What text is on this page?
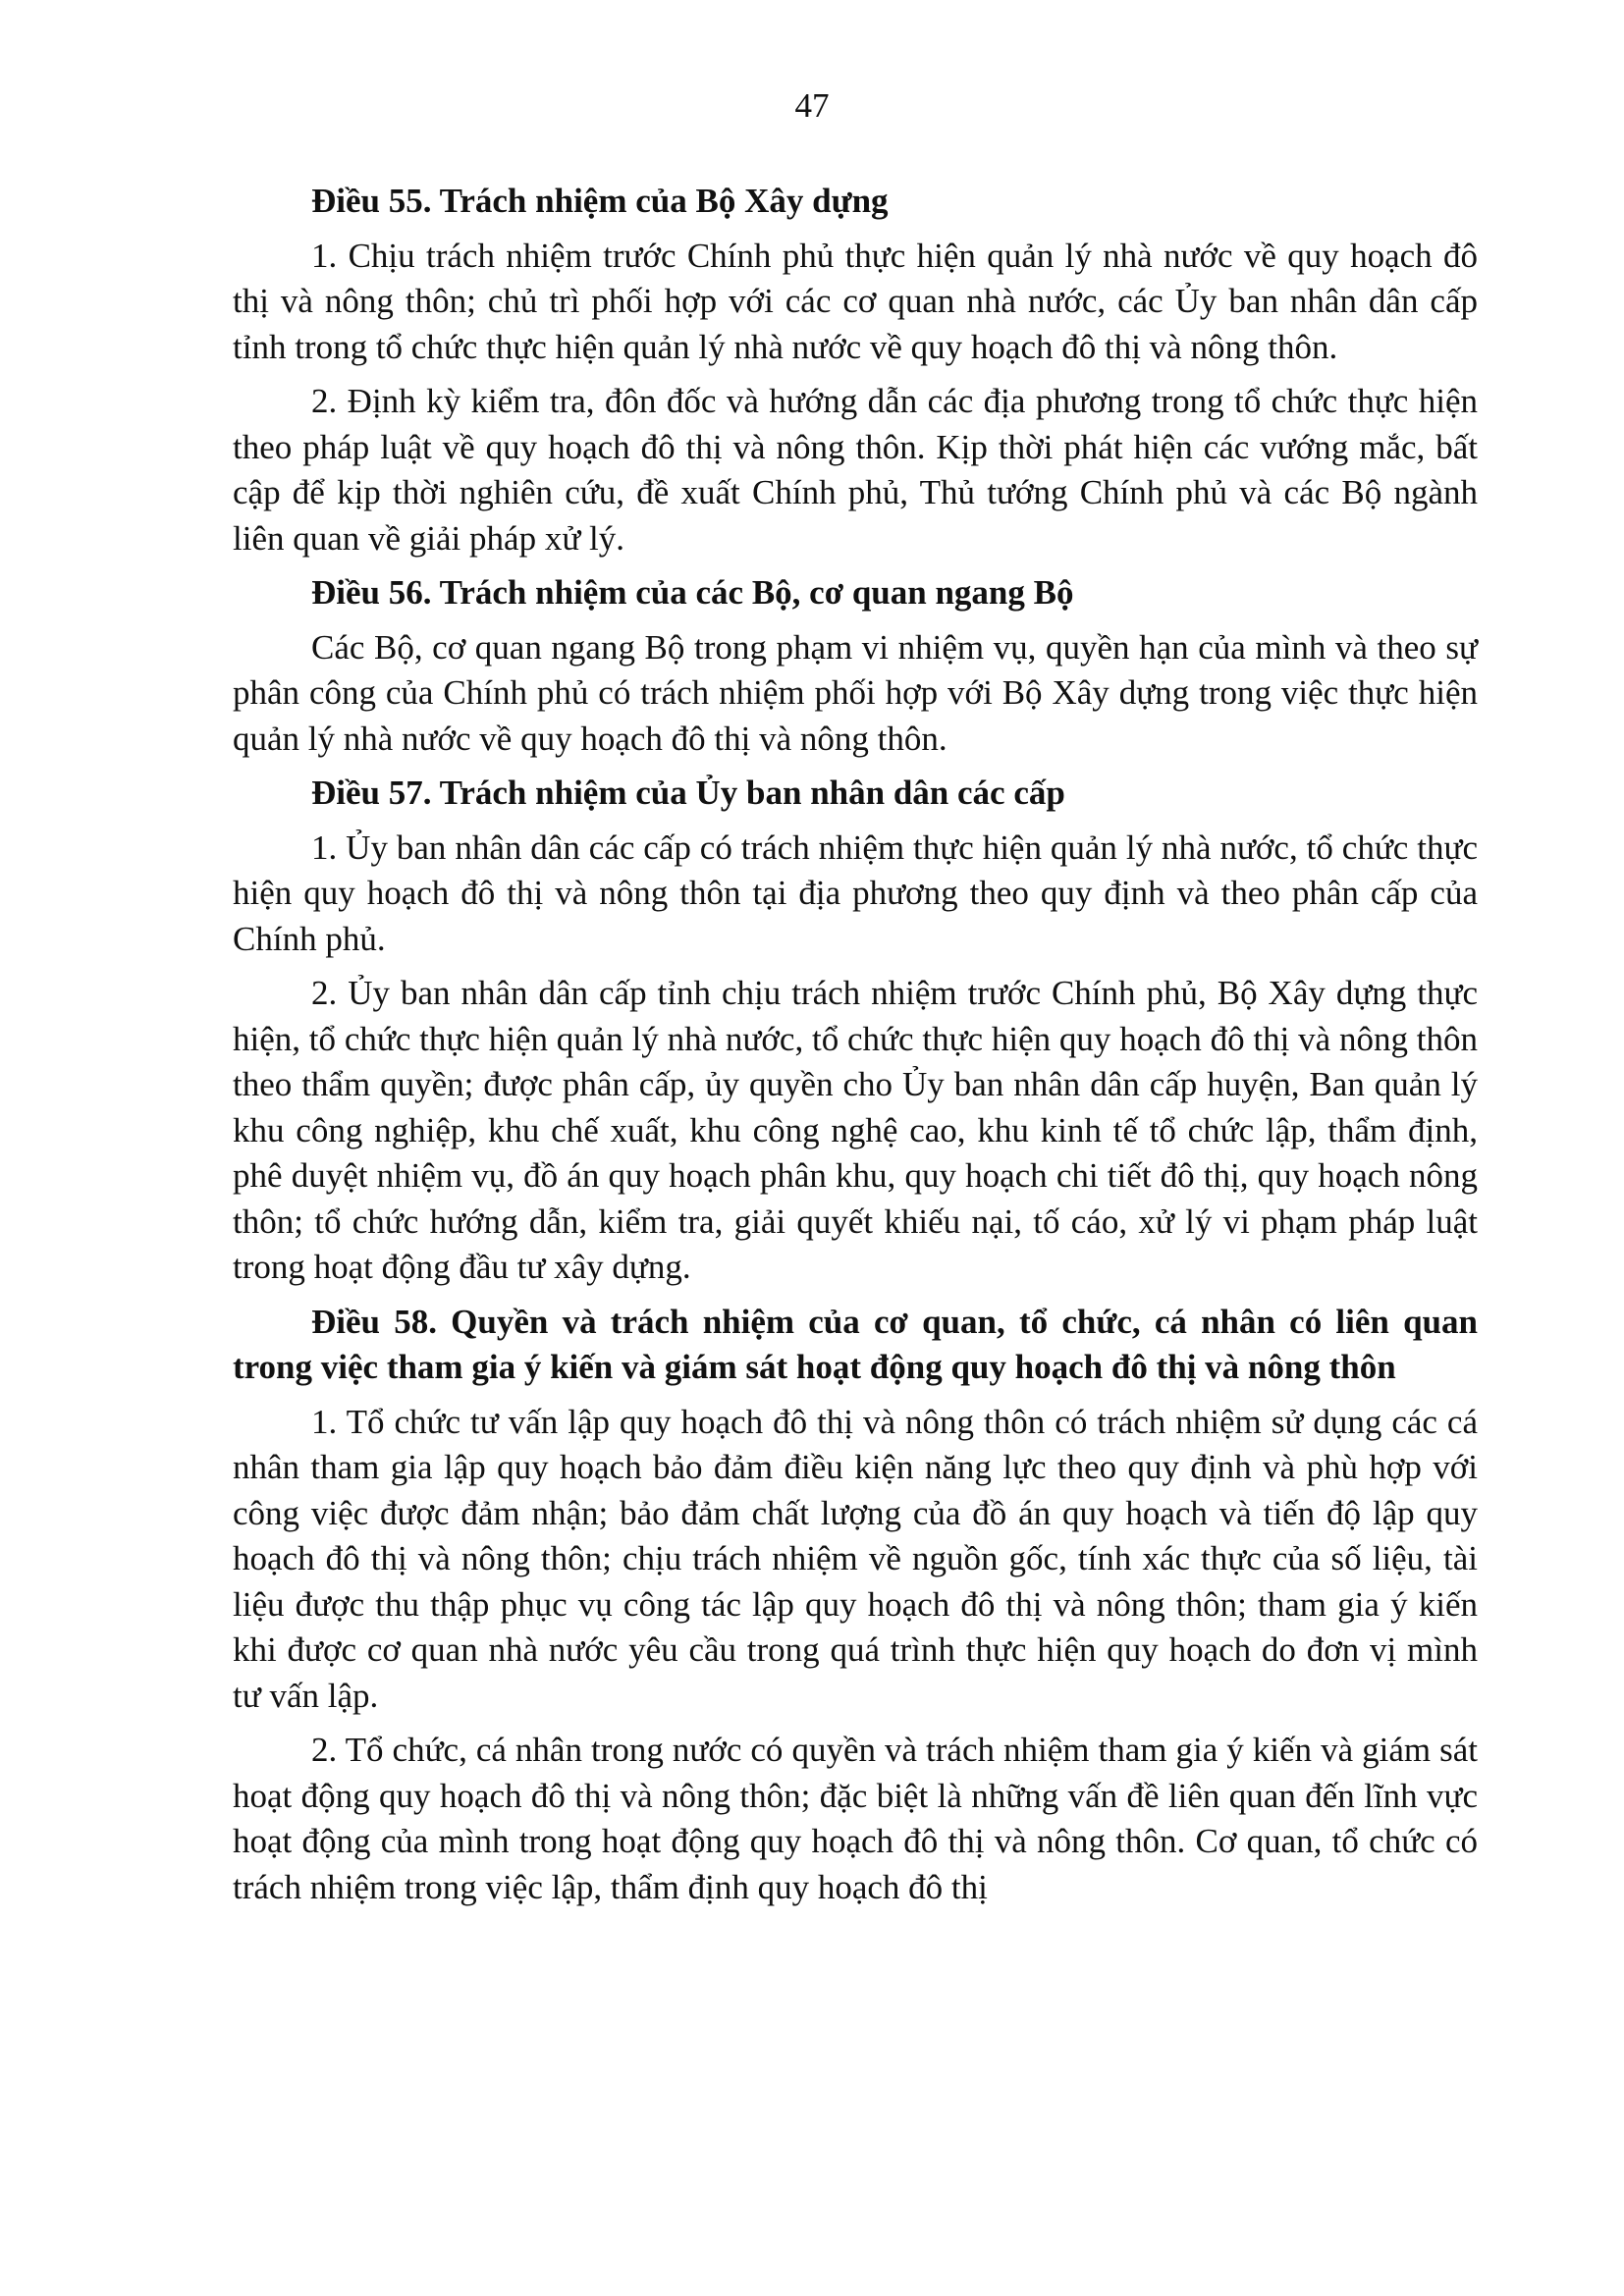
47

Điều 55. Trách nhiệm của Bộ Xây dựng

1. Chịu trách nhiệm trước Chính phủ thực hiện quản lý nhà nước về quy hoạch đô thị và nông thôn; chủ trì phối hợp với các cơ quan nhà nước, các Ủy ban nhân dân cấp tỉnh trong tổ chức thực hiện quản lý nhà nước về quy hoạch đô thị và nông thôn.

2. Định kỳ kiểm tra, đôn đốc và hướng dẫn các địa phương trong tổ chức thực hiện theo pháp luật về quy hoạch đô thị và nông thôn. Kịp thời phát hiện các vướng mắc, bất cập để kịp thời nghiên cứu, đề xuất Chính phủ, Thủ tướng Chính phủ và các Bộ ngành liên quan về giải pháp xử lý.

Điều 56. Trách nhiệm của các Bộ, cơ quan ngang Bộ

Các Bộ, cơ quan ngang Bộ trong phạm vi nhiệm vụ, quyền hạn của mình và theo sự phân công của Chính phủ có trách nhiệm phối hợp với Bộ Xây dựng trong việc thực hiện quản lý nhà nước về quy hoạch đô thị và nông thôn.

Điều 57. Trách nhiệm của Ủy ban nhân dân các cấp

1. Ủy ban nhân dân các cấp có trách nhiệm thực hiện quản lý nhà nước, tổ chức thực hiện quy hoạch đô thị và nông thôn tại địa phương theo quy định và theo phân cấp của Chính phủ.

2. Ủy ban nhân dân cấp tỉnh chịu trách nhiệm trước Chính phủ, Bộ Xây dựng thực hiện, tổ chức thực hiện quản lý nhà nước, tổ chức thực hiện quy hoạch đô thị và nông thôn theo thẩm quyền; được phân cấp, ủy quyền cho Ủy ban nhân dân cấp huyện, Ban quản lý khu công nghiệp, khu chế xuất, khu công nghệ cao, khu kinh tế tổ chức lập, thẩm định, phê duyệt nhiệm vụ, đồ án quy hoạch phân khu, quy hoạch chi tiết đô thị, quy hoạch nông thôn; tổ chức hướng dẫn, kiểm tra, giải quyết khiếu nại, tố cáo, xử lý vi phạm pháp luật trong hoạt động đầu tư xây dựng.

Điều 58. Quyền và trách nhiệm của cơ quan, tổ chức, cá nhân có liên quan trong việc tham gia ý kiến và giám sát hoạt động quy hoạch đô thị và nông thôn

1. Tổ chức tư vấn lập quy hoạch đô thị và nông thôn có trách nhiệm sử dụng các cá nhân tham gia lập quy hoạch bảo đảm điều kiện năng lực theo quy định và phù hợp với công việc được đảm nhận; bảo đảm chất lượng của đồ án quy hoạch và tiến độ lập quy hoạch đô thị và nông thôn; chịu trách nhiệm về nguồn gốc, tính xác thực của số liệu, tài liệu được thu thập phục vụ công tác lập quy hoạch đô thị và nông thôn; tham gia ý kiến khi được cơ quan nhà nước yêu cầu trong quá trình thực hiện quy hoạch do đơn vị mình tư vấn lập.

2. Tổ chức, cá nhân trong nước có quyền và trách nhiệm tham gia ý kiến và giám sát hoạt động quy hoạch đô thị và nông thôn; đặc biệt là những vấn đề liên quan đến lĩnh vực hoạt động của mình trong hoạt động quy hoạch đô thị và nông thôn. Cơ quan, tổ chức có trách nhiệm trong việc lập, thẩm định quy hoạch đô thị
